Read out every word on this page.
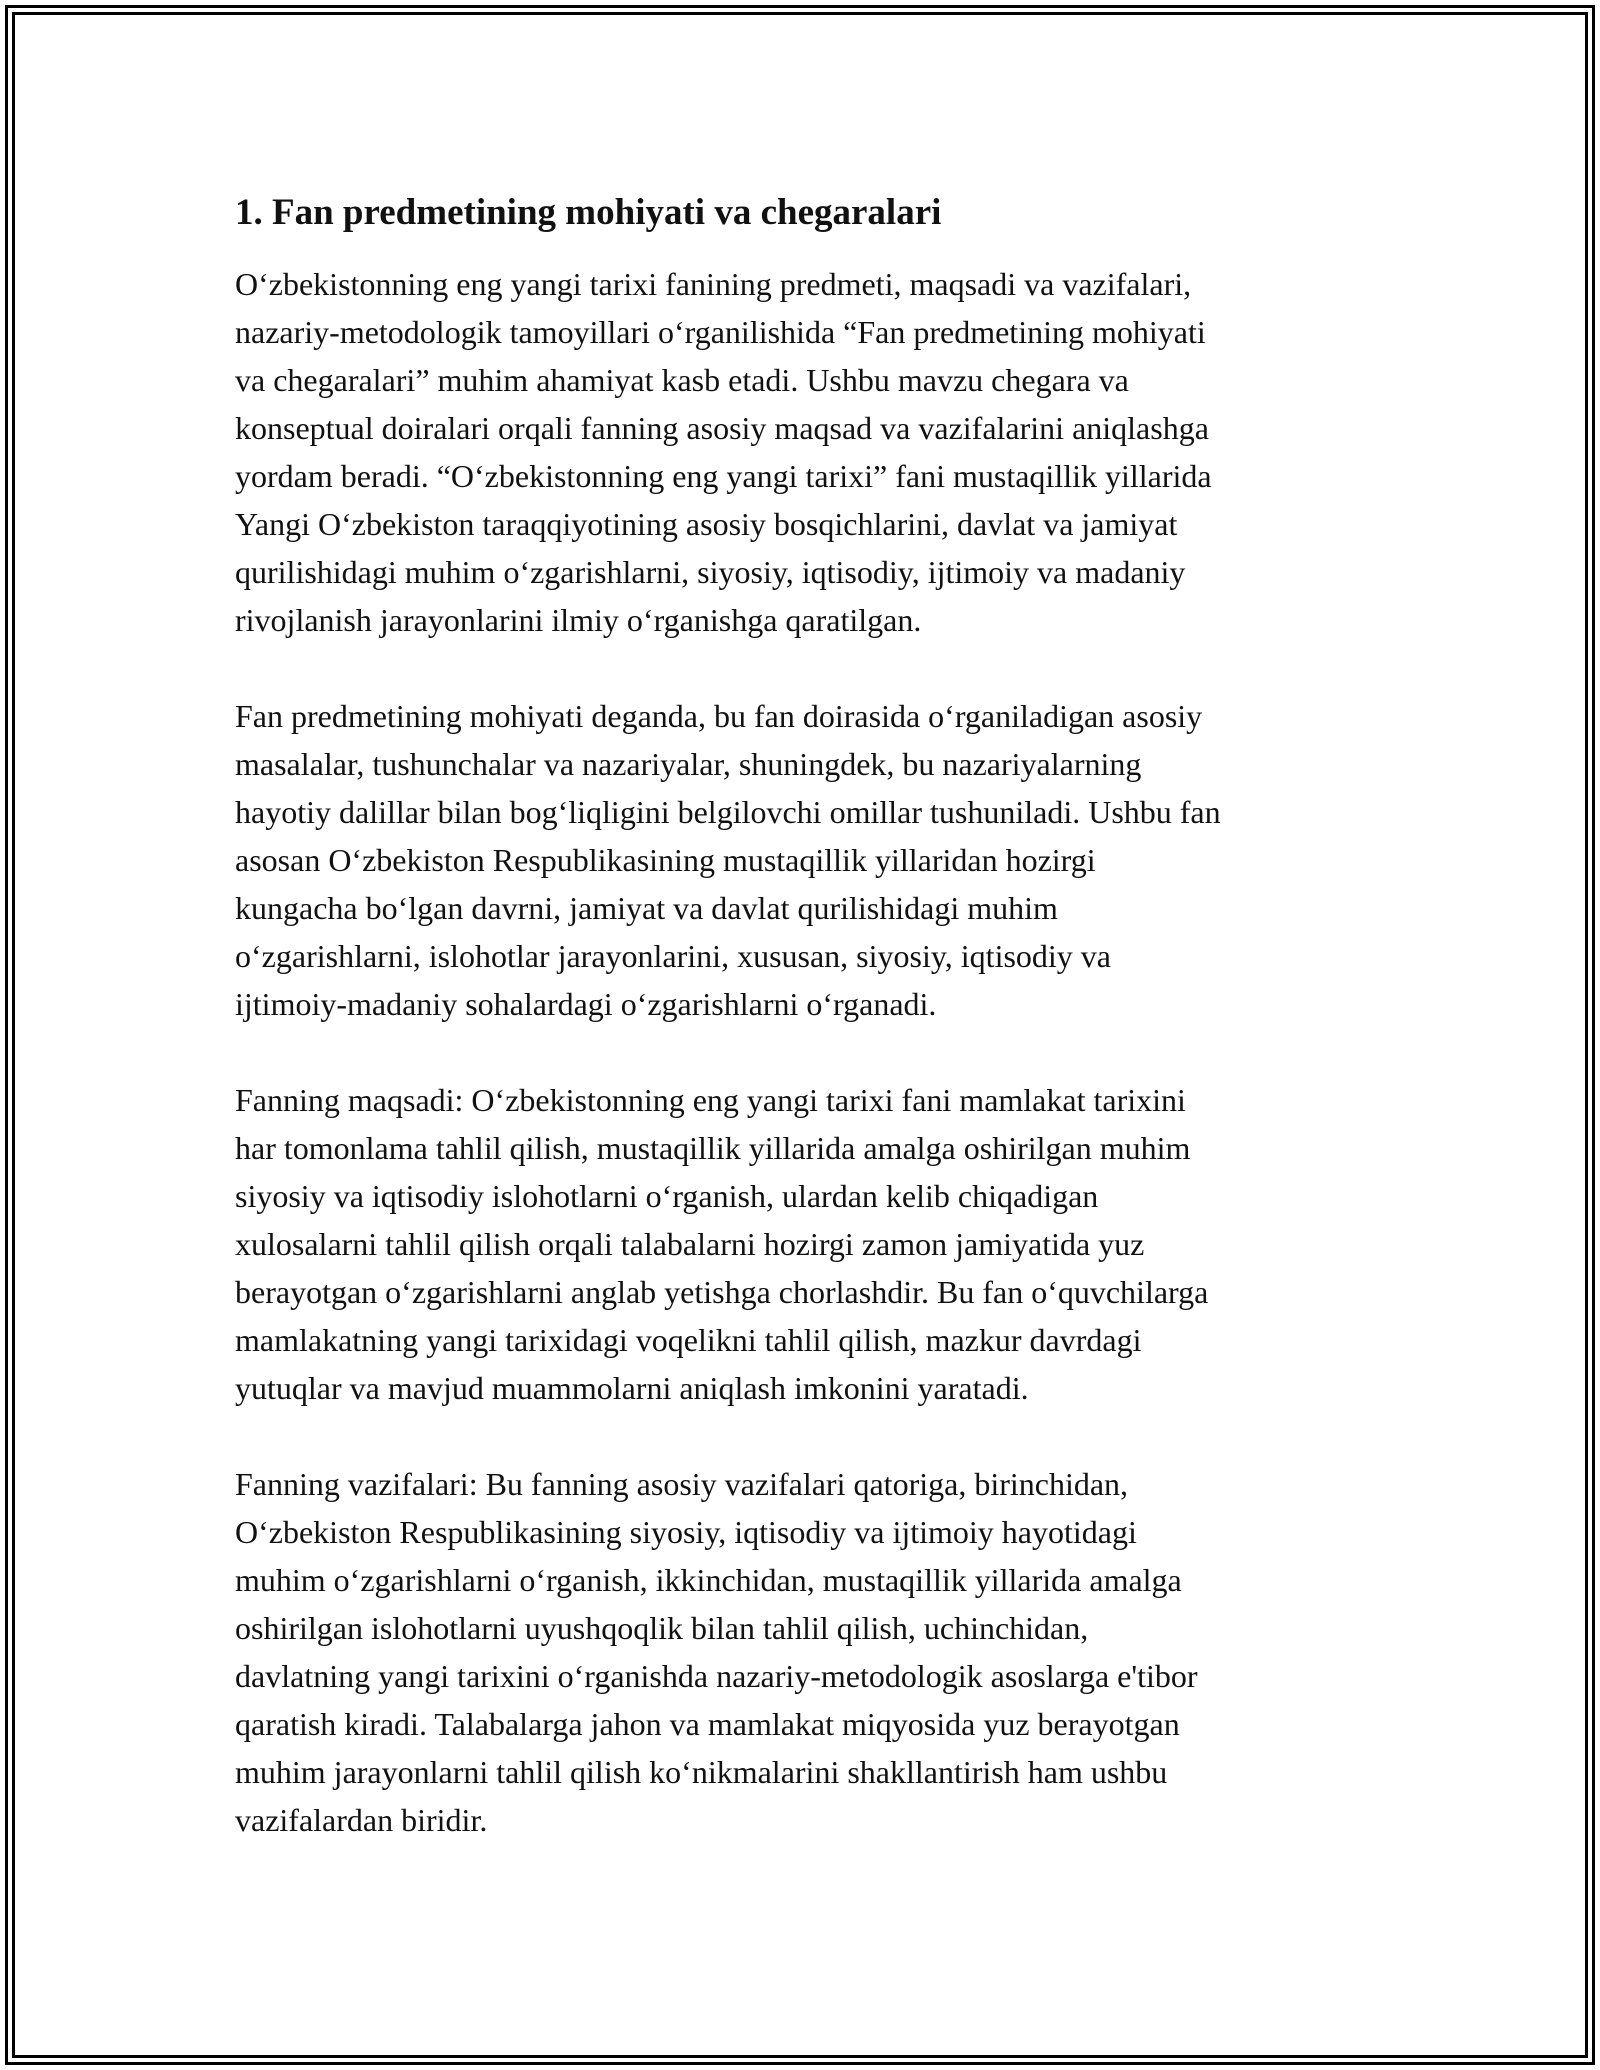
1. Fan predmetining mohiyati va chegaralari

O‘zbekistonning eng yangi tarixi fanining predmeti, maqsadi va vazifalari,
nazariy-metodologik tamoyillari o‘rganilishida “Fan predmetining mohiyati
va chegaralari” muhim ahamiyat kasb etadi. Ushbu mavzu chegara va
konseptual doiralari orqali fanning asosiy maqsad va vazifalarini aniqlashga
yordam beradi. “O‘zbekistonning eng yangi tarixi” fani mustaqillik yillarida
Yangi O‘zbekiston taraqqiyotining asosiy bosqichlarini, davlat va jamiyat
qurilishidagi muhim o‘zgarishlarni, siyosiy, iqtisodiy, ijtimoiy va madaniy
rivojlanish jarayonlarini ilmiy o‘rganishga qaratilgan.

Fan predmetining mohiyati deganda, bu fan doirasida o‘rganiladigan asosiy
masalalar, tushunchalar va nazariyalar, shuningdek, bu nazariyalarning
hayotiy dalillar bilan bog‘liqligini belgilovchi omillar tushuniladi. Ushbu fan
asosan O‘zbekiston Respublikasining mustaqillik yillaridan hozirgi
kungacha bo‘lgan davrni, jamiyat va davlat qurilishidagi muhim
o‘zgarishlarni, islohotlar jarayonlarini, xususan, siyosiy, iqtisodiy va
ijtimoiy-madaniy sohalardagi o‘zgarishlarni o‘rganadi.

Fanning maqsadi: O‘zbekistonning eng yangi tarixi fani mamlakat tarixini
har tomonlama tahlil qilish, mustaqillik yillarida amalga oshirilgan muhim
siyosiy va iqtisodiy islohotlarni o‘rganish, ulardan kelib chiqadigan
xulosalarni tahlil qilish orqali talabalarni hozirgi zamon jamiyatida yuz
berayotgan o‘zgarishlarni anglab yetishga chorlashdir. Bu fan o‘quvchilarga
mamlakatning yangi tarixidagi voqelikni tahlil qilish, mazkur davrdagi
yutuqlar va mavjud muammolarni aniqlash imkonini yaratadi.

Fanning vazifalari: Bu fanning asosiy vazifalari qatoriga, birinchidan,
O‘zbekiston Respublikasining siyosiy, iqtisodiy va ijtimoiy hayotidagi
muhim o‘zgarishlarni o‘rganish, ikkinchidan, mustaqillik yillarida amalga
oshirilgan islohotlarni uyushqoqlik bilan tahlil qilish, uchinchidan,
davlatning yangi tarixini o‘rganishda nazariy-metodologik asoslarga e'tibor
qaratish kiradi. Talabalarga jahon va mamlakat miqyosida yuz berayotgan
muhim jarayonlarni tahlil qilish ko‘nikmalarini shakllantirish ham ushbu
vazifalardan biridir.
